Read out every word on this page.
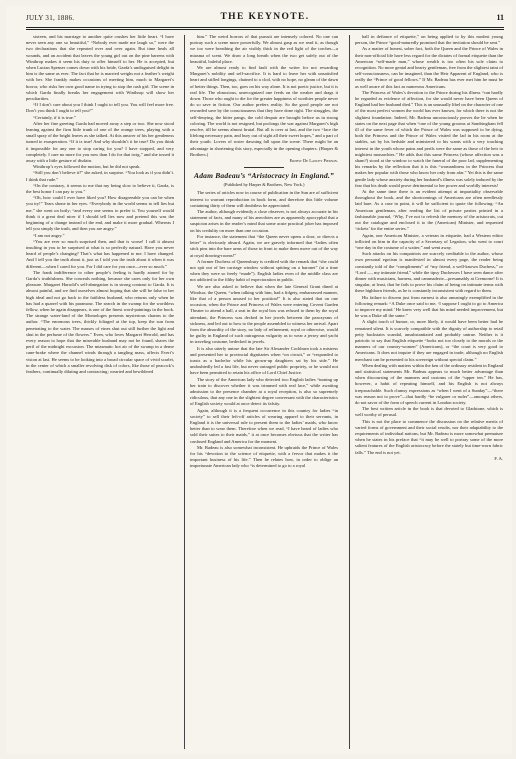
JULY 31, 1886.	THE KEYNOTE.	11

sixteen, and his marriage to another quite crushes her little heart. “I have never seen any one so beautiful,” “Nobody ever made me laugh so,” were the two declarations that she repeated over and over again. But time heals all wounds, and an accident that leaves the young girl out on the pine barrens with Winthrop makes it seem his duty to offer himself to her. He is accepted, but when Lucian Spenser comes down with his bride, Garda’s undisguised delight in him is the same as ever. The fact that he is married weighs not a feather’s weight with her. She frankly makes occasions of meeting him, much to Margaret’s horror, who risks her own good name in trying to stop the rash girl. The scene in which Garda finally breaks her engagement with Winthrop will show her peculiarities.

“If I don’t care about you I think I ought to tell you. You will feel more free. Don’t you think I ought to tell you?”

“Certainly, if it is true.”

After her fine greeting Garda had moved away a step or two. She now stood leaning against the firm little trunk of one of the orange trees, playing with a small spray of the bright leaves as she talked. At this answer of his her gentleness turned to exasperation. “If it is true! And why shouldn’t it be true? Do you think it impossible for any one to stop caring for you? I have stopped, and very completely. I care no more for you now than I do for that twig,” and she tossed it away with a little gesture of disdain.

Winthrop’s eyes followed the motion, but he did not speak.

“Still you don’t believe it?” she asked, in surprise. “You look as if you didn’t. I think that rude.”

“On the contrary, it seems to me that my being slow to believe it, Garda, is the best honor I can pay to you.”

“Oh, how could I ever have liked you? How disagreeable you can be when you try!” Tears shone in her eyes. “Everybody in the world seems to tell lies but me,” she went on hotly; “and every one seems to prefer it. You yourself would think it a great deal nicer if I should tell lies now and pretend this was the beginning of a change instead of the end, and make it more gradual. Whereas I tell you simply the truth, and then you are angry.”

“I am not angry.”

“You are ever so much surprised then, and that is worse! I call it almost insulting in you to be surprised at what is so perfectly natural. Have you never heard of people’s changing? That’s what has happened to me. I have changed. And I tell you the truth about it, just as I told you the truth about it when it was different—when I cared for you. For I did care for you once—ever so much.”

The frank indifference to other people’s feeling is hardly atoned for by Garda’s truthfulness. She conceals nothing, because she cares only for her own pleasure. Margaret Harrold’s self-abnegation is in strong contrast to Garda. It is almost painful, and we find ourselves almost hoping that she will be false to her high ideal and not go back to the faithless husband, who returns only when he has had a quarrel with his paramour. The search in the swamp for the worthless fellow, when he again disappears, is one of the finest word-paintings in the book. The strange water-land of the Momologes presents mysterious charms to the author. “The enormous trees, thickly foliaged at the top, keep the sun from penetrating to the water. The masses of vines shut out still further the light and shut in the perfume of the flowers.” Even, who loves Margaret Herrold, and has every reason to hope that the miserable husband may not be found, shares the peril of the midnight excursion. The miasmatic hot air of the swamp in a dense cane-brake where the channel winds through a tangling mass, affects Evert’s vision at last. He seems to be looking into a broad circular space of vivid scarlet, in the center of which a smaller revolving disk of colors, like those of peacock’s feathers, continually dilating and contracting; wearied and bewildered

him.” The weird horrors of that pursuit are intensely colored. No one can portray such a scene more powerfully. We almost gasp as we read it, as though we too were breathing the air visibly thick in the red light of the torches—a miasma of scent. We draw a long breath when the two get safely out of the beautiful, baleful place.

We are almost ready to find fault with the writer for not rewarding Margaret’s nobility and self-sacrifice. It is hard to leave her with unsatisfied heart and stifled longings, chained to a clod, with no hope, no gleam of the dawn of better things. Then, too, goes on his way alone. It is not poetic justice, but it is real life. The obnoxious, unrecognized one feeds on the weaker and drags it down. Those who ought to die for the greater happiness of worthier people never do so save in fiction. Our author prefers reality. So the good people are not rewarded save by the consciousness that they have done right. The struggles, the self-denying, the bitter pangs, the cold despair are brought before us in strong coloring. The world is not resigned, but prolongs the war against Margaret’s high resolve, till he seems almost brutal. But all is over at last, and the two “face the lifelong necessary pain, and bury out of sight all their sweet hopes,” and a part of their youth. Lovers of rosier dawning fall upon the scene. There might be an advantage in shortening this story, especially in the opening chapters. (Harper & Brothers.)

Ernest De Lancey Pierson.

Adam Badeau’s “Aristocracy in England.”
(Published by Harper & Brothers, New York.)

The series of articles now in course of publication in the Sun are of sufficient interest to warrant reproduction in book form, and therefore this little volume containing thirty of them will doubtless be appreciated.

The author, although evidently a close observer, is not always accurate in his statement of facts, and many of his anecdotes are as apparently apocryphal that a suspicion arises in the reader’s mind that some acute practical joker has imposed on his credulity on more than one occasion.

For instance, the statement that “the Queen never opens a door, or directs a letter” is obviously absurd. Again, we are gravely informed that “ladies often stick pins into the bare arms of those in front to make them move out of the way at royal drawing-rooms!”

A former Duchess of Queensbury is credited with the remark that “she could not spit out of her carriage window without spitting on a baronet” (at a time when they were so freely “made”). English ladies even of the middle class are not addicted to the filthy habit of expectoration in public.

We are also asked to believe that when the late General Grant dined at Windsor, the Queen, “when talking with him, had a fidgety, embarrassed manner, like that of a person unused to her position!” It is also stated that on one occasion, when the Prince and Princess of Wales were entering Covent Garden Theater to attend a ball, a seat in the royal box was refused to them by the royal attendant, the Princess was decked in her jewels between the paroxysms of sickness, and led out to bow to the people assembled to witness her arrival. Apart from the absurdity of the story, no lady of refinement, royal or otherwise, would be guilty in England of such outrageous vulgarity as to wear a jersey and yacht in traveling costume, bedecked in jewels.

It is also utterly untrue that the late Sir Alexander Cockburn took a mistress and presented her to provincial dignitaries when “on circuit,” or “responded to toasts as a bachelor while his grown-up daughters sat by his side.” He undoubtedly led a fast life, but never outraged public propriety, or he would not have been permitted to retain his office of Lord Chief Justice.

The story of the American lady who detected two English ladies “turning up her train to discover whether it was trimmed with real lace,” while awaiting admission to the presence chamber at a royal reception, is also so supremely ridiculous, that any one in the slightest degree conversant with the characteristics of English society would at once detect its falsity.

Again, although it is a frequent occurrence in this country for ladies “in society” to sell their left-off articles of wearing apparel to their servants, in England it is the universal rule to present them to the ladies’ maids, who know better than to wear them. Therefore when we read, “I have heard of ladies who sold their suites to their maids,” it at once becomes obvious that the writer has confused England and America for the moment.

Mr. Badeau is also somewhat inconsistent. He upbraids the Prince of Wales for his “devotion to the science of etiquette, with a fervor that makes it the important business of his life.” Then he relates how, in order to oblige an importunate American lady who “is determined to go to a royal

ball in defiance of etiquette,” on being applied to by this modest young person, the Prince “good-naturedly promised that the invitation should be sent.”

As a matter of honest, sober fact, both the Queen and the Prince of Wales in their non-official life have less regard for the dictates of formal etiquette than the American “self-made man,” whose wealth is too often his sole claim to recognition. No more genial and hearty gentleman, free from the slightest taint of self-consciousness, can be imagined, than the Heir Apparent of England, who is really the “Prince of good fellows.” If Mr. Badeau has ever met him he must be as well aware of this fact as numerous Americans.

The Princess of Wales’s devotion to the Prince during his illness “can hardly be regarded as evidence of affection, for she would never have been Queen of England had her husband died.” This is an unusually libel on the character of one of the most perfect women the world has ever known, for which there is not the slightest foundation. Indeed, Mr. Badeau unconsciously proves the lie when he states on the next page that when “one of the young grooms at Sandringham fell ill of the same fever of which the Prince of Wales was supposed to be dying, both the Princess and the Prince of Wales visited the lad in his room at the stables, sat by his bedside and ministered to his wants with a very touching interest in the youth whose pains and perils were the same as those of the heir to mightiest monarchies.” He adds that this same Princess (whose affection was a sham?) stood at the window to watch the funeral of the poor lad, supplementing his remarks by the reflection that it is this “womanliness in the Princess that makes her popular with those who know her only from afar.” Yet this is the same gentle lady whose anxiety during her husband’s illness was solely induced by the fear that his death would prove detrimental to her power and worldly interests!

At the same time there is an evident attempt at impartiality observable throughout the book, and the shortcomings of Americans are often needlessly laid bare. As a case in point, it will be sufficient to quote the following: “An American gentleman, after reading the list of private parties printed in a fashionable journal, ‘Why, I’ve not to refresh the memory of the aristocrats, cut out the catalogue and enclosed it to the (American) Minister, and requested ‘tickets’ for the entire series.”

Again, one American Minister, a veteran in etiquette, had a Western editor inflicted on him in the capacity of a Secretary of Legation, who went to court “one day in the costume of a waiter,” and went away.

Such attacks on his compatriots are scarcely creditable to the author, whose own personal egotism is manifested in almost every page, the reader being constantly told of the “compliments” of “my friend, a well-known Duchess,” or “Lord —, my intimate friend,” while the tipsy Duchesses I have seen dance after dinner with musicians, harness, and cammaderie—presumably at Cremorne! It is singular, at least, that he fails to prove his claim of being on intimate terms with these highborn friends, as he is constantly inconsistent with regard to them.

His failure to discern just from earnest is also amusingly exemplified in the following remark: “A Duke once said to me, ‘I suppose I ought to go to America to improve my mind.’ He knew very well that his mind needed improvement, but he was a Duke all the same.”

A slight touch of humor, or, more likely, it would have been better had he remained silent. It is scarcely compatible with the dignity of authorship to retail petty backstairs scandal, unsubstantiated and probably untrue. Neither is it patriotic to say that English etiquette “looks not too closely to the morals or the manners of our country-women” (Americans), or “the court is very good to Americans. It does not inquire if they are engaged in trade, although no English merchant can be presented to his sovereign without special claim.”

When dealing with matters within the ken of the ordinary resident in England and statistical statements Mr. Badeau appears to much better advantage than when discoursing of the manners and customs of the “upper ten.” He has, however, a habit of repeating himself, and his English is not always irreproachable. Such clumsy expressions as “when I went of a Sunday”—“there was reason not to prove”—that hardly “be vulgarer or ruder”—amongst others, do not savor of the form of speech current in London society.

The best written article in the book is that devoted to Gladstone, which is well worthy of perusal.

This is not the place to commence the discussion on the relative merits of varied forms of government and their social results, nor their adaptability to the requirements of individual nations, but Mr. Badeau is more somewhat premature when he states in his preface that “it may be well to portray some of the more salient features of the English aristocracy before the stately but time-worn fabric falls.” The end is not yet.

F. A.
